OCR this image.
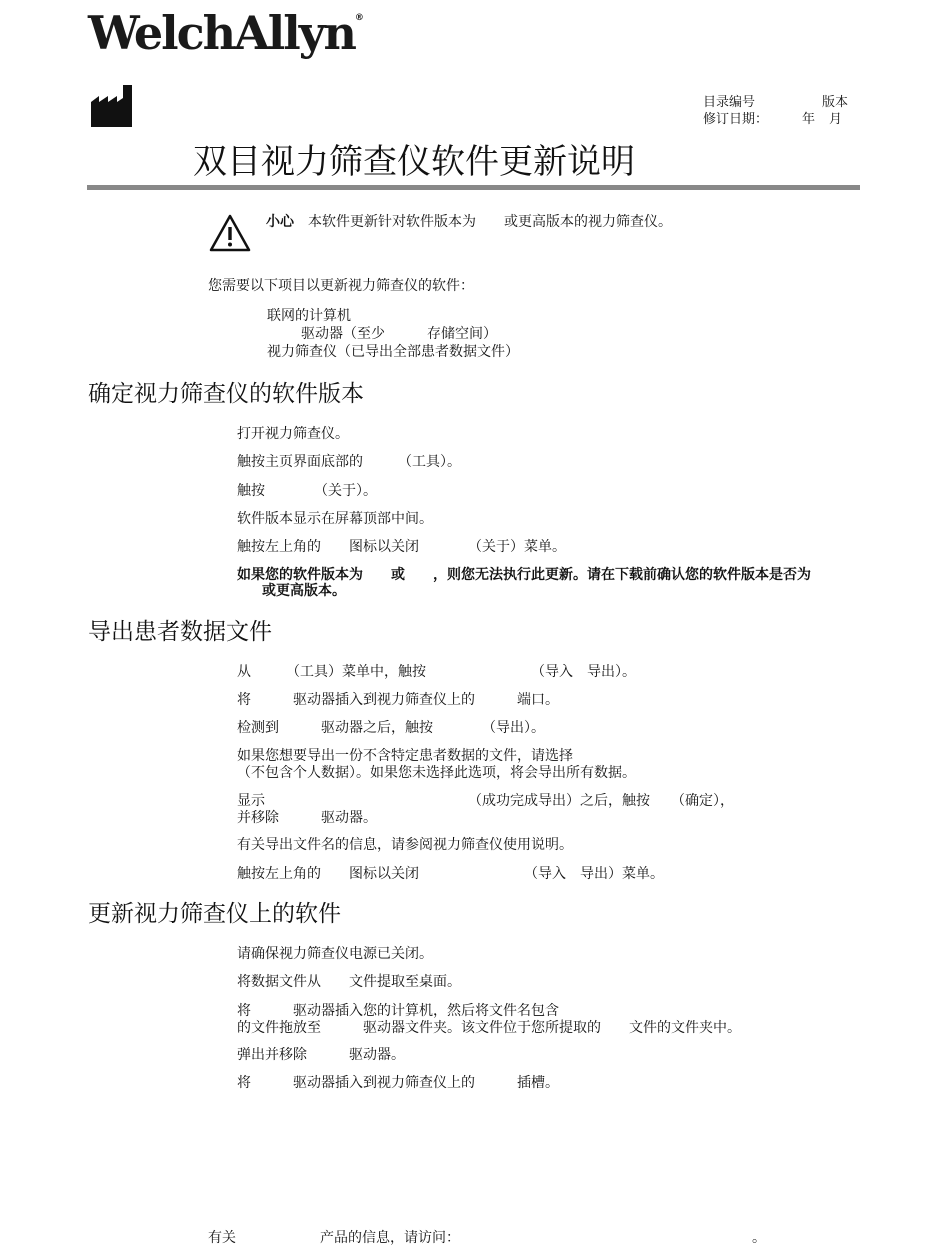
WelchAllyn®
目录编号	版本
修订日期：	年 月
双目视力筛查仪软件更新说明
小心 本软件更新针对软件版本为　　或更高版本的视力筛查仪。
您需要以下项目以更新视力筛查仪的软件：
联网的计算机
驱动器（至少　　　存储空间）
视力筛查仪（已导出全部患者数据文件）
确定视力筛查仪的软件版本
打开视力筛查仪。
触按主页界面底部的　　　（工具）。
触按　　　　（关于）。
软件版本显示在屏幕顶部中间。
触按左上角的　　图标以关闭　　　　（关于）菜单。
如果您的软件版本为　　或　　，则您无法执行此更新。请在下载前确认您的软件版本是否为
或更高版本。
导出患者数据文件
从　　　（工具）菜单中，触按　　　　　　　　（导入　导出）。
将　　　驱动器插入到视力筛查仪上的　　　端口。
检测到　　　驱动器之后，触按　　　　（导出）。
如果您想要导出一份不含特定患者数据的文件，请选择
（不包含个人数据）。如果您未选择此选项，将会导出所有数据。
显示　　　　　　　　　　　　　　　（成功完成导出）之后，触按　　（确定），
并移除　　　驱动器。
有关导出文件名的信息，请参阅视力筛查仪使用说明。
触按左上角的　　图标以关闭　　　　　　　　（导入　导出）菜单。
更新视力筛查仪上的软件
请确保视力筛查仪电源已关闭。
将数据文件从　　文件提取至桌面。
将　　　驱动器插入您的计算机，然后将文件名包含
的文件拖放至　　　驱动器文件夹。该文件位于您所提取的　　文件的文件夹中。
弹出并移除　　　驱动器。
将　　　驱动器插入到视力筛查仪上的　　　插槽。
有关　　　　　　产品的信息，请访问：	。
